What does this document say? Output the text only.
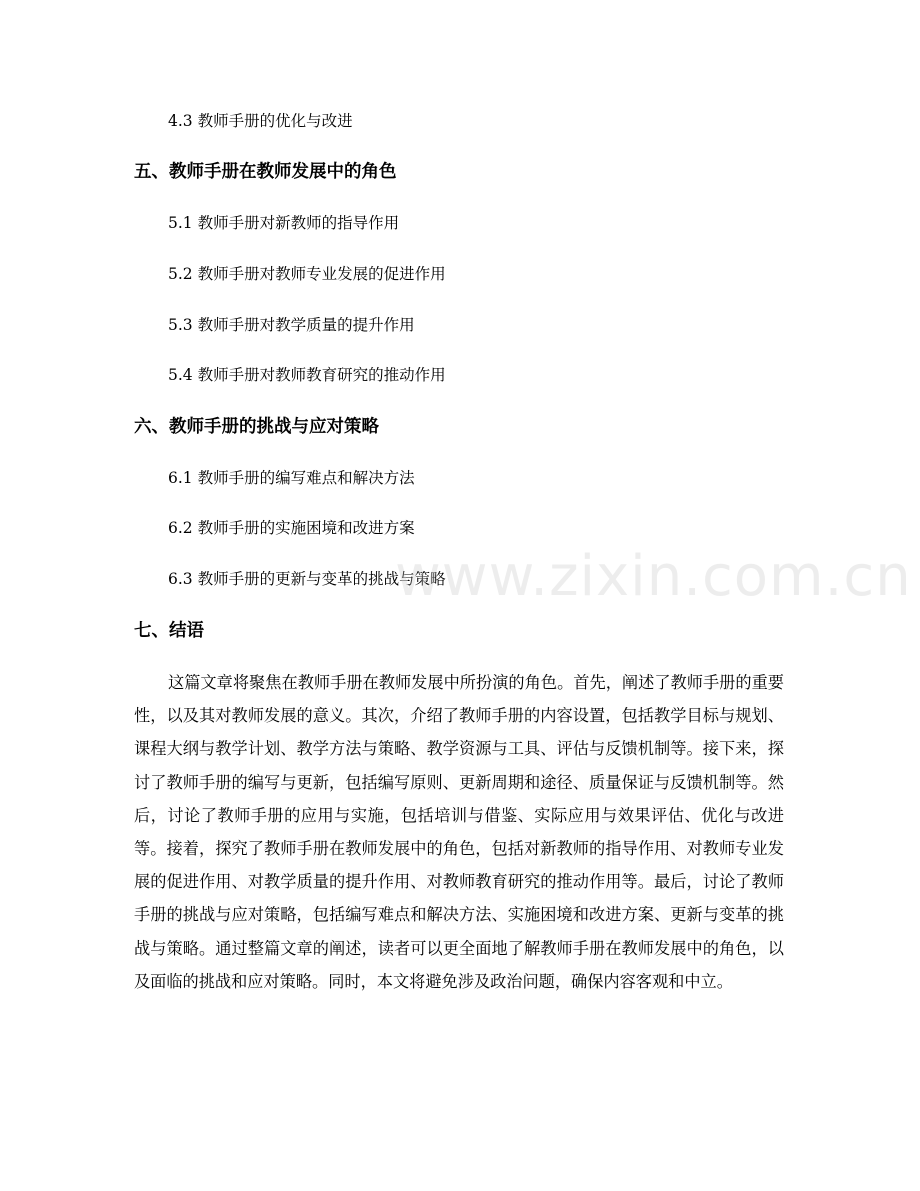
4.3 教师手册的优化与改进
五、教师手册在教师发展中的角色
5.1 教师手册对新教师的指导作用
5.2 教师手册对教师专业发展的促进作用
5.3 教师手册对教学质量的提升作用
5.4 教师手册对教师教育研究的推动作用
六、教师手册的挑战与应对策略
6.1 教师手册的编写难点和解决方法
6.2 教师手册的实施困境和改进方案
6.3 教师手册的更新与变革的挑战与策略
七、结语

这篇文章将聚焦在教师手册在教师发展中所扮演的角色。首先，阐述了教师手册的重要性，以及其对教师发展的意义。其次，介绍了教师手册的内容设置，包括教学目标与规划、课程大纲与教学计划、教学方法与策略、教学资源与工具、评估与反馈机制等。接下来，探讨了教师手册的编写与更新，包括编写原则、更新周期和途径、质量保证与反馈机制等。然后，讨论了教师手册的应用与实施，包括培训与借鉴、实际应用与效果评估、优化与改进等。接着，探究了教师手册在教师发展中的角色，包括对新教师的指导作用、对教师专业发展的促进作用、对教学质量的提升作用、对教师教育研究的推动作用等。最后，讨论了教师手册的挑战与应对策略，包括编写难点和解决方法、实施困境和改进方案、更新与变革的挑战与策略。通过整篇文章的阐述，读者可以更全面地了解教师手册在教师发展中的角色，以及面临的挑战和应对策略。同时，本文将避免涉及政治问题，确保内容客观和中立。

www.zixin.com.cn
